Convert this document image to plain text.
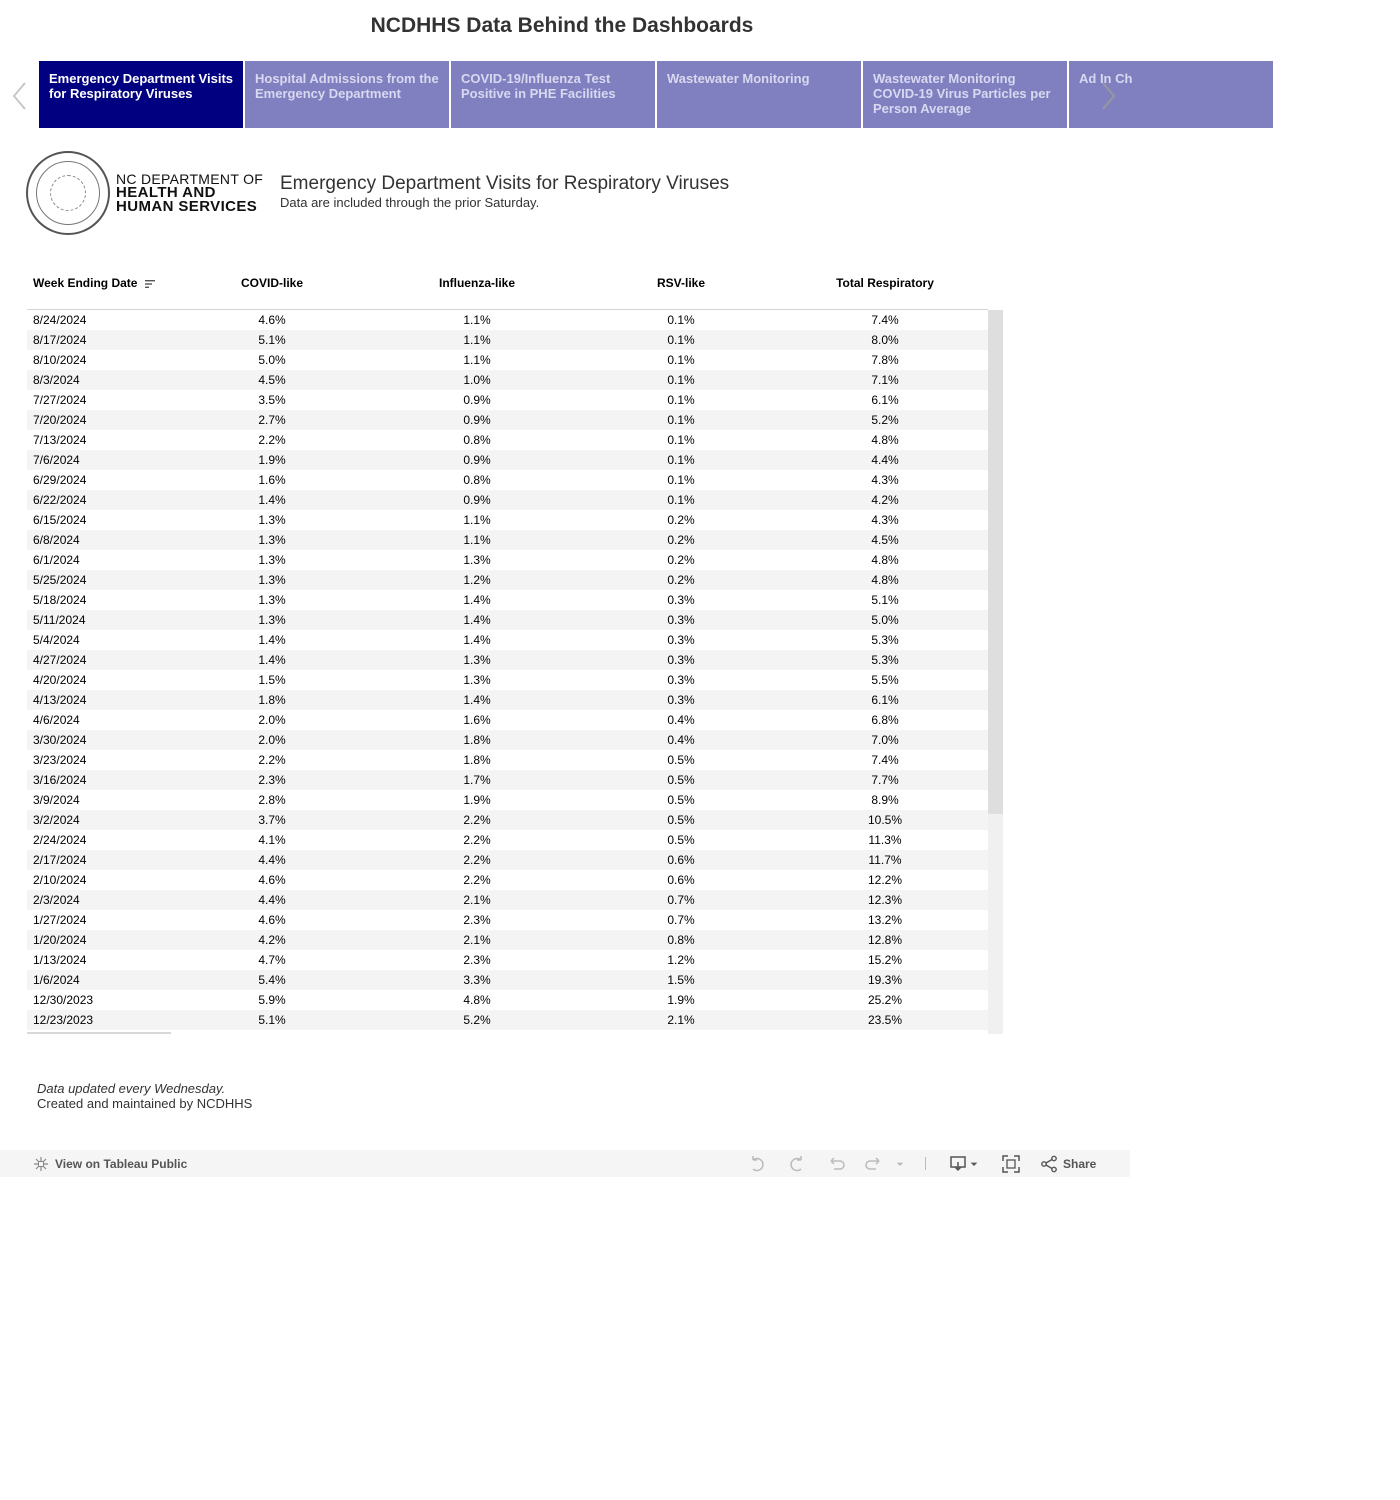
NCDHHS Data Behind the Dashboards
Emergency Department Visits for Respiratory VirusesHospital Admissions from the Emergency DepartmentCOVID-19/Influenza Test Positive in PHE FacilitiesWastewater Monitoring	Wastewater Monitoring COVID-19 Virus Particles per Person AverageAd In Ch
NC DEPARTMENT OF
HEALTH AND
HUMAN SERVICES
Emergency Department Visits for Respiratory Viruses
Data are included through the prior Saturday.
Week Ending Date	COVID-like	Influenza-like	RSV-like	Total Respiratory
8/24/2024	4.6%	1.1%	0.1%	7.4%
8/17/2024	5.1%	1.1%	0.1%	8.0%
8/10/2024	5.0%	1.1%	0.1%	7.8%
8/3/2024	4.5%	1.0%	0.1%	7.1%
7/27/2024	3.5%	0.9%	0.1%	6.1%
7/20/2024	2.7%	0.9%	0.1%	5.2%
7/13/2024	2.2%	0.8%	0.1%	4.8%
7/6/2024	1.9%	0.9%	0.1%	4.4%
6/29/2024	1.6%	0.8%	0.1%	4.3%
6/22/2024	1.4%	0.9%	0.1%	4.2%
6/15/2024	1.3%	1.1%	0.2%	4.3%
6/8/2024	1.3%	1.1%	0.2%	4.5%
6/1/2024	1.3%	1.3%	0.2%	4.8%
5/25/2024	1.3%	1.2%	0.2%	4.8%
5/18/2024	1.3%	1.4%	0.3%	5.1%
5/11/2024	1.3%	1.4%	0.3%	5.0%
5/4/2024	1.4%	1.4%	0.3%	5.3%
4/27/2024	1.4%	1.3%	0.3%	5.3%
4/20/2024	1.5%	1.3%	0.3%	5.5%
4/13/2024	1.8%	1.4%	0.3%	6.1%
4/6/2024	2.0%	1.6%	0.4%	6.8%
3/30/2024	2.0%	1.8%	0.4%	7.0%
3/23/2024	2.2%	1.8%	0.5%	7.4%
3/16/2024	2.3%	1.7%	0.5%	7.7%
3/9/2024	2.8%	1.9%	0.5%	8.9%
3/2/2024	3.7%	2.2%	0.5%	10.5%
2/24/2024	4.1%	2.2%	0.5%	11.3%
2/17/2024	4.4%	2.2%	0.6%	11.7%
2/10/2024	4.6%	2.2%	0.6%	12.2%
2/3/2024	4.4%	2.1%	0.7%	12.3%
1/27/2024	4.6%	2.3%	0.7%	13.2%
1/20/2024	4.2%	2.1%	0.8%	12.8%
1/13/2024	4.7%	2.3%	1.2%	15.2%
1/6/2024	5.4%	3.3%	1.5%	19.3%
12/30/2023	5.9%	4.8%	1.9%	25.2%
12/23/2023	5.1%	5.2%	2.1%	23.5%
Data updated every Wednesday.
Created and maintained by NCDHHS
View on Tableau Public	Share
